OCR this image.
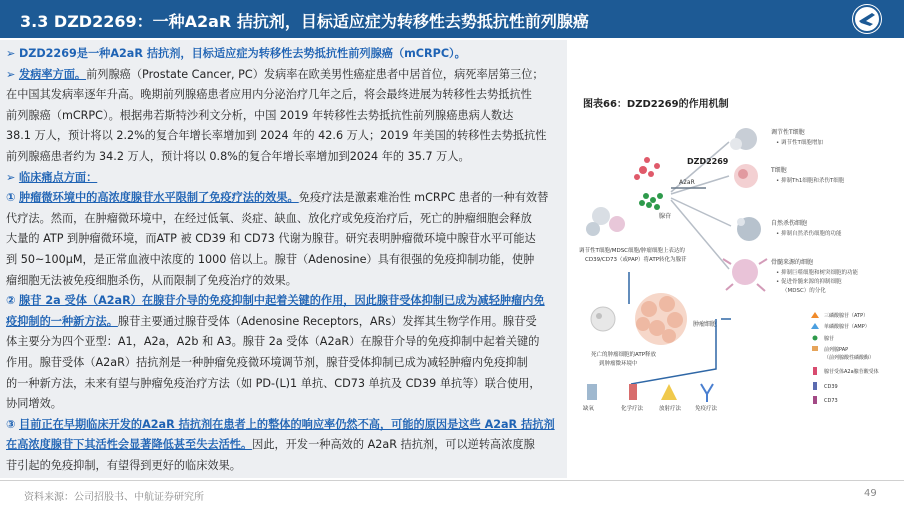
3.3 DZD2269：一种A2aR 拮抗剂，目标适应症为转移性去势抵抗性前列腺癌
➢ DZD2269是一种A2aR 拮抗剂，目标适应症为转移性去势抵抗性前列腺癌（mCRPC）。
➢ 发病率方面。前列腺癌（Prostate Cancer, PC）发病率在欧美男性癌症患者中居首位，病死率居第三位；
在中国其发病率逐年升高。晚期前列腺癌患者应用内分泌治疗几年之后，将会最终进展为转移性去势抵抗性
前列腺癌（mCRPC）。根据弗若斯特沙利文分析，中国 2019 年转移性去势抵抗性前列腺癌患病人数达
38.1 万人，预计将以 2.2%的复合年增长率增加到 2024 年的 42.6 万人；2019 年美国的转移性去势抵抗性
前列腺癌患者约为 34.2 万人，预计将以 0.8%的复合年增长率增加到2024 年的 35.7 万人。
➢ 临床痛点方面：
① 肿瘤微环境中的高浓度腺苷水平限制了免疫疗法的效果。免疫疗法是激素难治性 mCRPC 患者的一种有效替
代疗法。然而，在肿瘤微环境中，在经过低氧、炎症、缺血、放化疗或免疫治疗后，死亡的肿瘤细胞会释放
大量的 ATP 到肿瘤微环境，而ATP 被 CD39 和 CD73 代谢为腺苷。研究表明肿瘤微环境中腺苷水平可能达
到 50~100μM，是正常血液中浓度的 1000 倍以上。腺苷（Adenosine）具有很强的免疫抑制功能，使肿
瘤细胞无法被免疫细胞杀伤，从而限制了免疫治疗的效果。
② 腺苷 2a 受体（A2aR）在腺苷介导的免疫抑制中起着关键的作用，因此腺苷受体抑制已成为减轻肿瘤内免
疫抑制的一种新方法。腺苷主要通过腺苷受体（Adenosine Receptors，ARs）发挥其生物学作用。腺苷受
体主要分为四个亚型：A1，A2a，A2b 和 A3。腺苷 2a 受体（A2aR）在腺苷介导的免疫抑制中起着关键的
作用。腺苷受体（A2aR）拮抗剂是一种肿瘤免疫微环境调节剂，腺苷受体抑制已成为减轻肿瘤内免疫抑制
的一种新方法，未来有望与肿瘤免疫治疗方法（如 PD-(L)1 单抗、CD73 单抗及 CD39 单抗等）联合使用，
协同增效。
③ 目前正在早期临床开发的A2aR 拮抗剂在患者上的整体的响应率仍然不高，可能的原因是这些 A2aR 拮抗剂
在高浓度腺苷下其活性会显著降低甚至失去活性。因此，开发一种高效的 A2aR 拮抗剂，可以逆转高浓度腺
苷引起的免疫抑制，有望得到更好的临床效果。
图表66：DZD2269的作用机制
DZD2269
A2aR
腺苷
调节性T细胞
• 调节性T细胞增加
T细胞
• 抑制Th1细胞和杀伤T细胞
自然杀伤细胞
• 抑制自然杀伤细胞的功能
骨髓来源的细胞
• 抑制巨噬细胞和树突细胞的功能
• 促进骨髓来源的抑制细胞
（MDSC）的分化
调节性T细胞/MDSC细胞/肿瘤细胞上表达的
CD39/CD73（或PAP）将ATP转化为腺苷
死亡的肿瘤细胞的ATP释放
到肿瘤微环境中
肿瘤细胞
缺氧	化学疗法	放射疗法	免疫疗法
三磷酸腺苷（ATP）
单磷酸腺苷（AMP）
腺苷
前列腺PAP
（前列腺酸性磷酸酶）
腺苷受体A2a腺苷酸受体
CD39
CD73
资料来源：公司招股书、中航证券研究所	49
